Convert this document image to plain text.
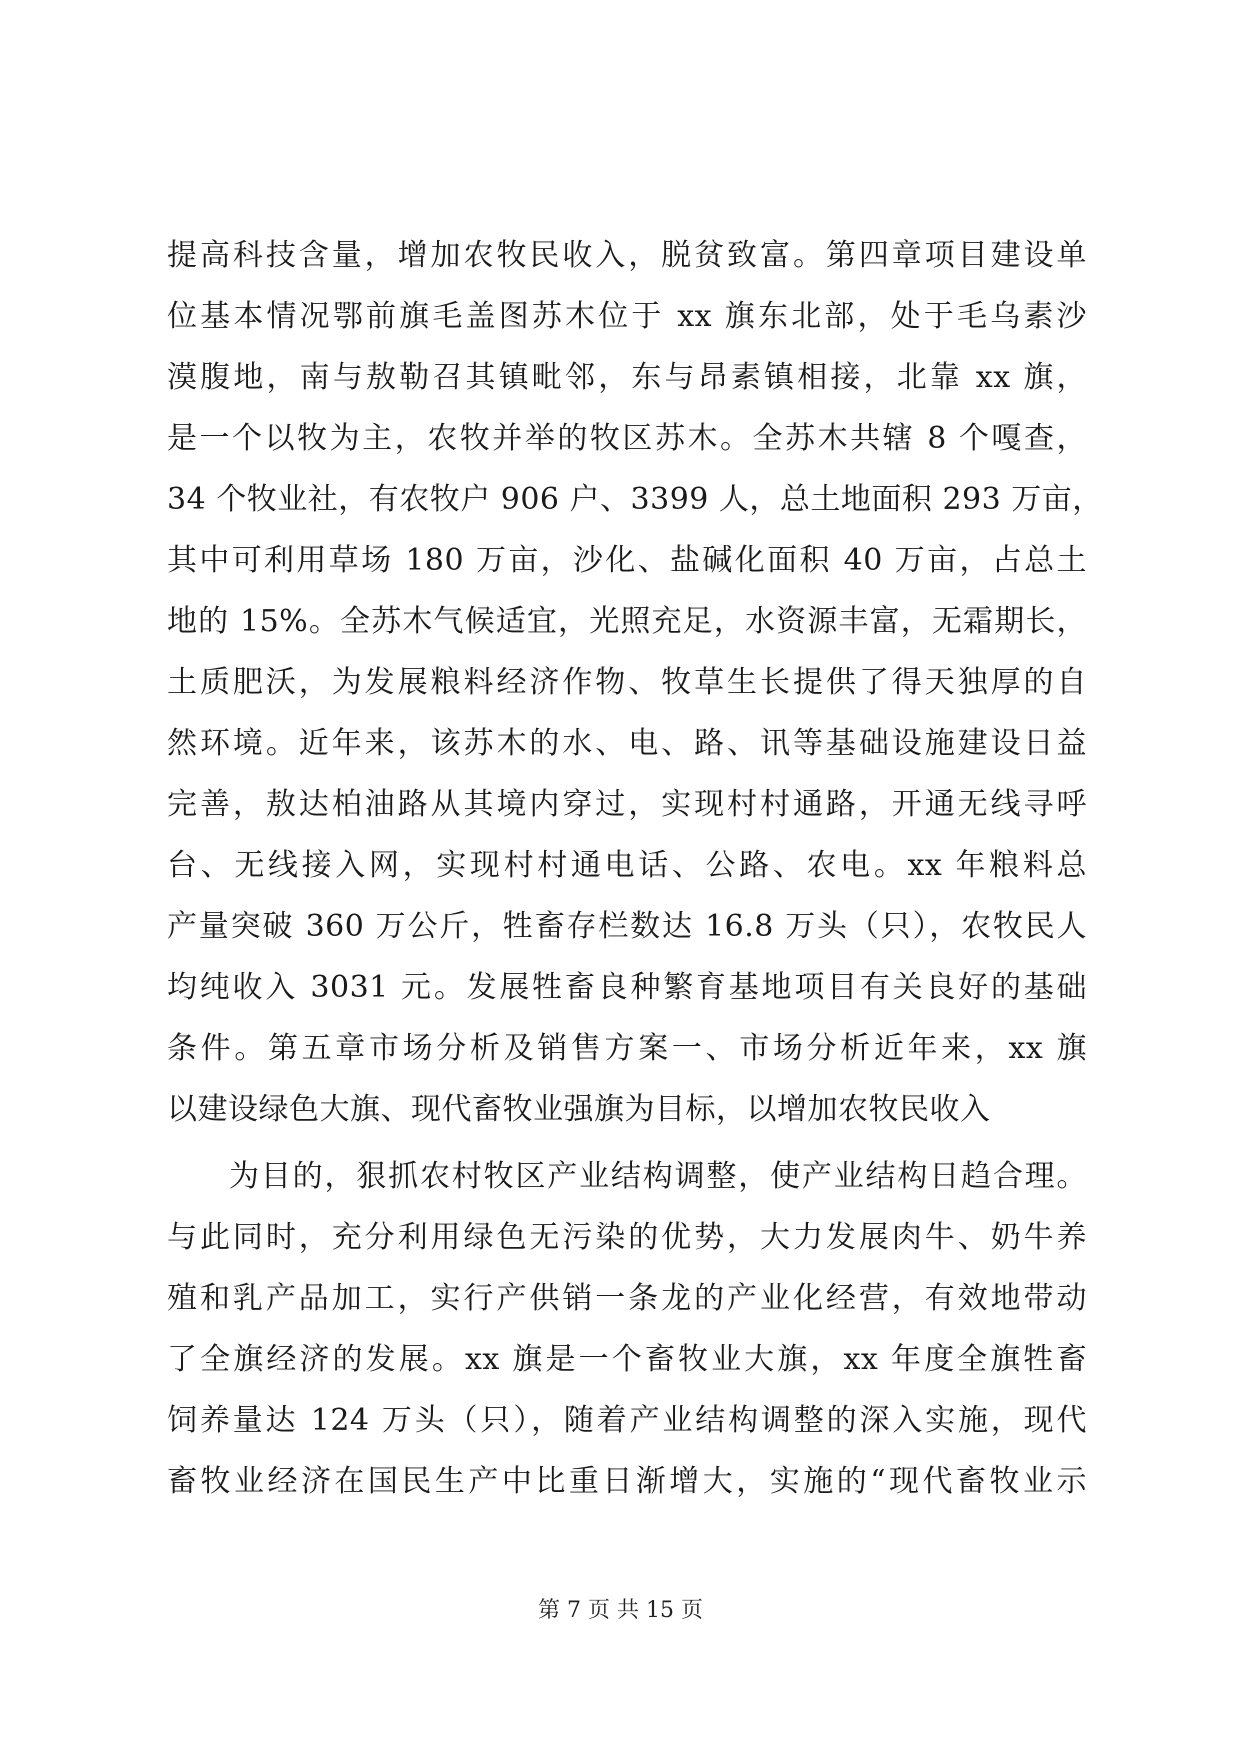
提高科技含量，增加农牧民收入，脱贫致富。第四章项目建设单
位基本情况鄂前旗毛盖图苏木位于 xx 旗东北部，处于毛乌素沙
漠腹地，南与敖勒召其镇毗邻，东与昂素镇相接，北靠 xx 旗，
是一个以牧为主，农牧并举的牧区苏木。全苏木共辖 8 个嘎查，
34 个牧业社，有农牧户 906 户、3399 人，总土地面积 293 万亩，
其中可利用草场 180 万亩，沙化、盐碱化面积 40 万亩，占总土
地的 15%。全苏木气候适宜，光照充足，水资源丰富，无霜期长，
土质肥沃，为发展粮料经济作物、牧草生长提供了得天独厚的自
然环境。近年来，该苏木的水、电、路、讯等基础设施建设日益
完善，敖达柏油路从其境内穿过，实现村村通路，开通无线寻呼
台、无线接入网，实现村村通电话、公路、农电。xx 年粮料总
产量突破 360 万公斤，牲畜存栏数达 16.8 万头（只），农牧民人
均纯收入 3031 元。发展牲畜良种繁育基地项目有关良好的基础
条件。第五章市场分析及销售方案一、市场分析近年来，xx 旗
以建设绿色大旗、现代畜牧业强旗为目标，以增加农牧民收入
为目的，狠抓农村牧区产业结构调整，使产业结构日趋合理。
与此同时，充分利用绿色无污染的优势，大力发展肉牛、奶牛养
殖和乳产品加工，实行产供销一条龙的产业化经营，有效地带动
了全旗经济的发展。xx 旗是一个畜牧业大旗，xx 年度全旗牲畜
饲养量达 124 万头（只），随着产业结构调整的深入实施，现代
畜牧业经济在国民生产中比重日渐增大，实施的“现代畜牧业示
第 7 页 共 15 页
